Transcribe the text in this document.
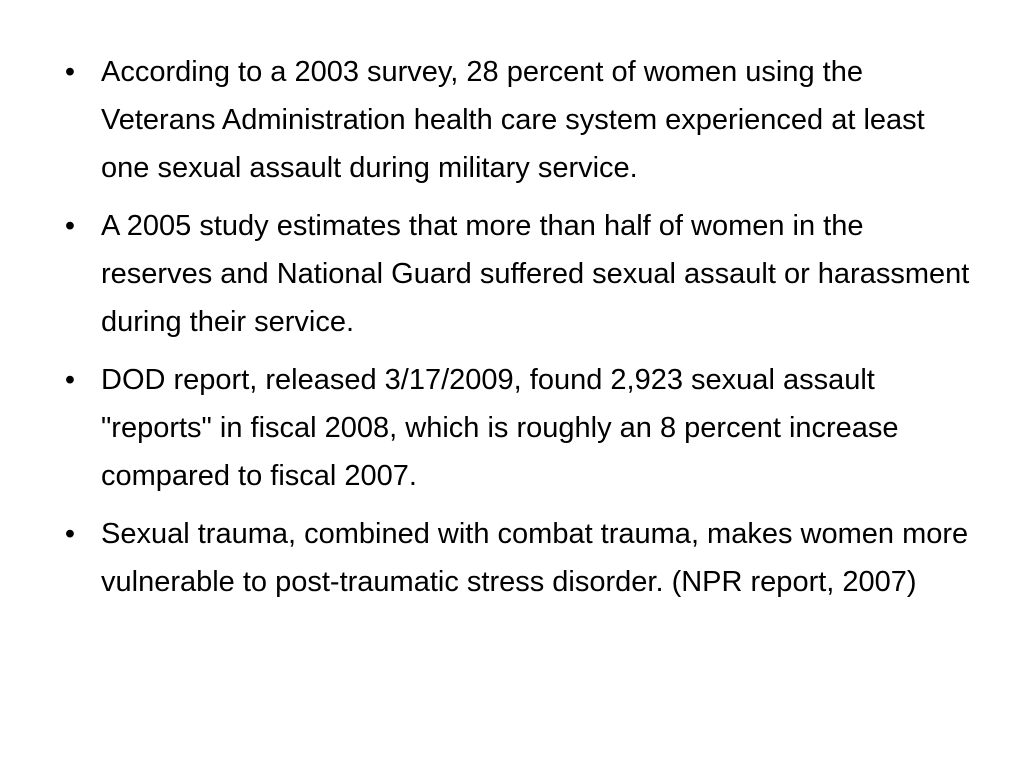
• According to a 2003 survey, 28 percent of women using the Veterans Administration health care system experienced at least one sexual assault during military service.
• A 2005 study estimates that more than half of women in the reserves and National Guard suffered sexual assault or harassment during their service.
• DOD report, released 3/17/2009, found 2,923 sexual assault "reports" in fiscal 2008, which is roughly an 8 percent increase compared to fiscal 2007.
• Sexual trauma, combined with combat trauma, makes women more vulnerable to post-traumatic stress disorder. (NPR report, 2007)
